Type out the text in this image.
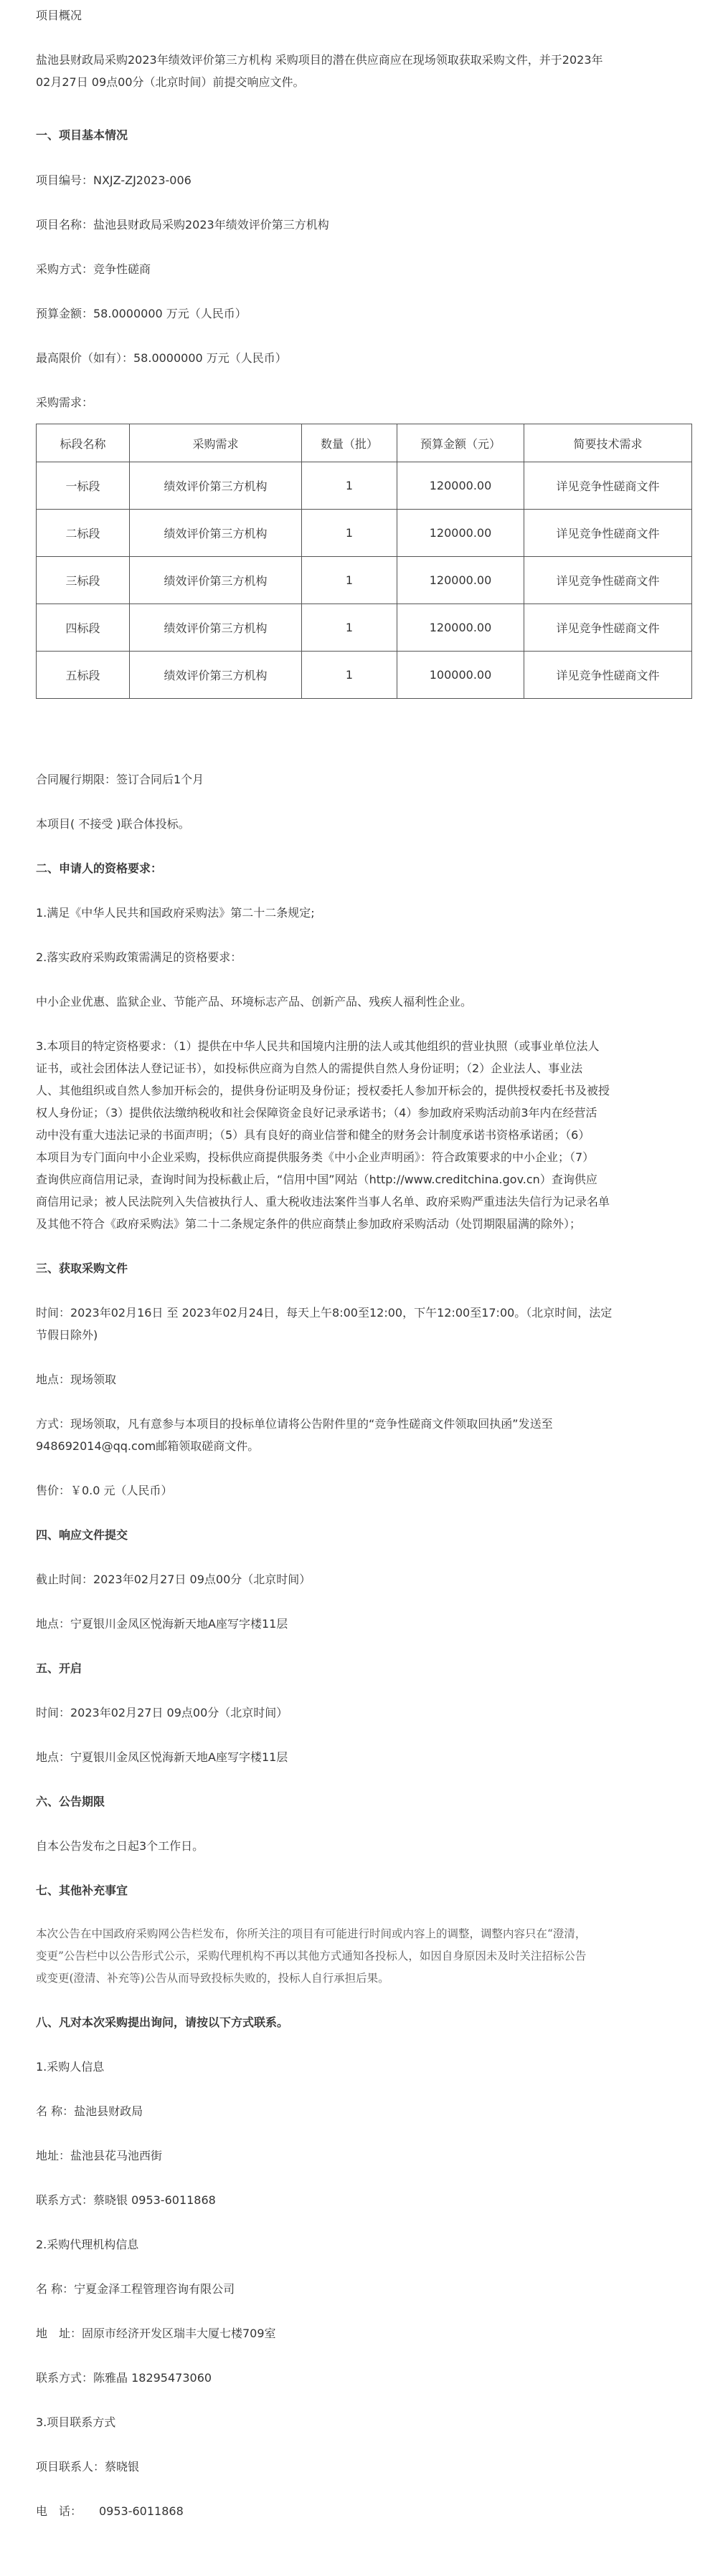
项目概况
盐池县财政局采购2023年绩效评价第三方机构 采购项目的潜在供应商应在现场领取获取采购文件，并于2023年
02月27日 09点00分（北京时间）前提交响应文件。
一、项目基本情况
项目编号：NXJZ-ZJ2023-006
项目名称：盐池县财政局采购2023年绩效评价第三方机构
采购方式：竞争性磋商
预算金额：58.0000000 万元（人民币）
最高限价（如有）：58.0000000 万元（人民币）
采购需求：
标段名称	采购需求	数量（批）	预算金额（元）	简要技术需求
一标段	绩效评价第三方机构	1	120000.00	详见竞争性磋商文件
二标段	绩效评价第三方机构	1	120000.00	详见竞争性磋商文件
三标段	绩效评价第三方机构	1	120000.00	详见竞争性磋商文件
四标段	绩效评价第三方机构	1	120000.00	详见竞争性磋商文件
五标段	绩效评价第三方机构	1	100000.00	详见竞争性磋商文件
合同履行期限：签订合同后1个月
本项目( 不接受 )联合体投标。
二、申请人的资格要求：
1.满足《中华人民共和国政府采购法》第二十二条规定;
2.落实政府采购政策需满足的资格要求：
中小企业优惠、监狱企业、节能产品、环境标志产品、创新产品、残疾人福利性企业。
3.本项目的特定资格要求：（1）提供在中华人民共和国境内注册的法人或其他组织的营业执照（或事业单位法人
证书，或社会团体法人登记证书），如投标供应商为自然人的需提供自然人身份证明；（2）企业法人、事业法
人、其他组织或自然人参加开标会的，提供身份证明及身份证；授权委托人参加开标会的，提供授权委托书及被授
权人身份证；（3）提供依法缴纳税收和社会保障资金良好记录承诺书；（4）参加政府采购活动前3年内在经营活
动中没有重大违法记录的书面声明；（5）具有良好的商业信誉和健全的财务会计制度承诺书资格承诺函；（6）
本项目为专门面向中小企业采购，投标供应商提供服务类《中小企业声明函》：符合政策要求的中小企业；（7）
查询供应商信用记录，查询时间为投标截止后，“信用中国”网站（http://www.creditchina.gov.cn）查询供应
商信用记录；被人民法院列入失信被执行人、重大税收违法案件当事人名单、政府采购严重违法失信行为记录名单
及其他不符合《政府采购法》第二十二条规定条件的供应商禁止参加政府采购活动（处罚期限届满的除外）；
三、获取采购文件
时间：2023年02月16日 至 2023年02月24日，每天上午8:00至12:00，下午12:00至17:00。（北京时间，法定
节假日除外)
地点：现场领取
方式：现场领取，凡有意参与本项目的投标单位请将公告附件里的“竞争性磋商文件领取回执函”发送至
948692014@qq.com邮箱领取磋商文件。
售价：￥0.0 元（人民币）
四、响应文件提交
截止时间：2023年02月27日 09点00分（北京时间）
地点：宁夏银川金凤区悦海新天地A座写字楼11层
五、开启
时间：2023年02月27日 09点00分（北京时间）
地点：宁夏银川金凤区悦海新天地A座写字楼11层
六、公告期限
自本公告发布之日起3个工作日。
七、其他补充事宜
本次公告在中国政府采购网公告栏发布，你所关注的项目有可能进行时间或内容上的调整，调整内容只在“澄清，
变更”公告栏中以公告形式公示，采购代理机构不再以其他方式通知各投标人，如因自身原因未及时关注招标公告
或变更(澄清、补充等)公告从而导致投标失败的，投标人自行承担后果。
八、凡对本次采购提出询问，请按以下方式联系。
1.采购人信息
名 称：盐池县财政局
地址：盐池县花马池西街
联系方式：蔡晓银 0953-6011868
2.采购代理机构信息
名 称：宁夏金泽工程管理咨询有限公司
地　址：固原市经济开发区瑞丰大厦七楼709室
联系方式：陈雅晶 18295473060
3.项目联系方式
项目联系人：蔡晓银
电　话：　　0953-6011868
